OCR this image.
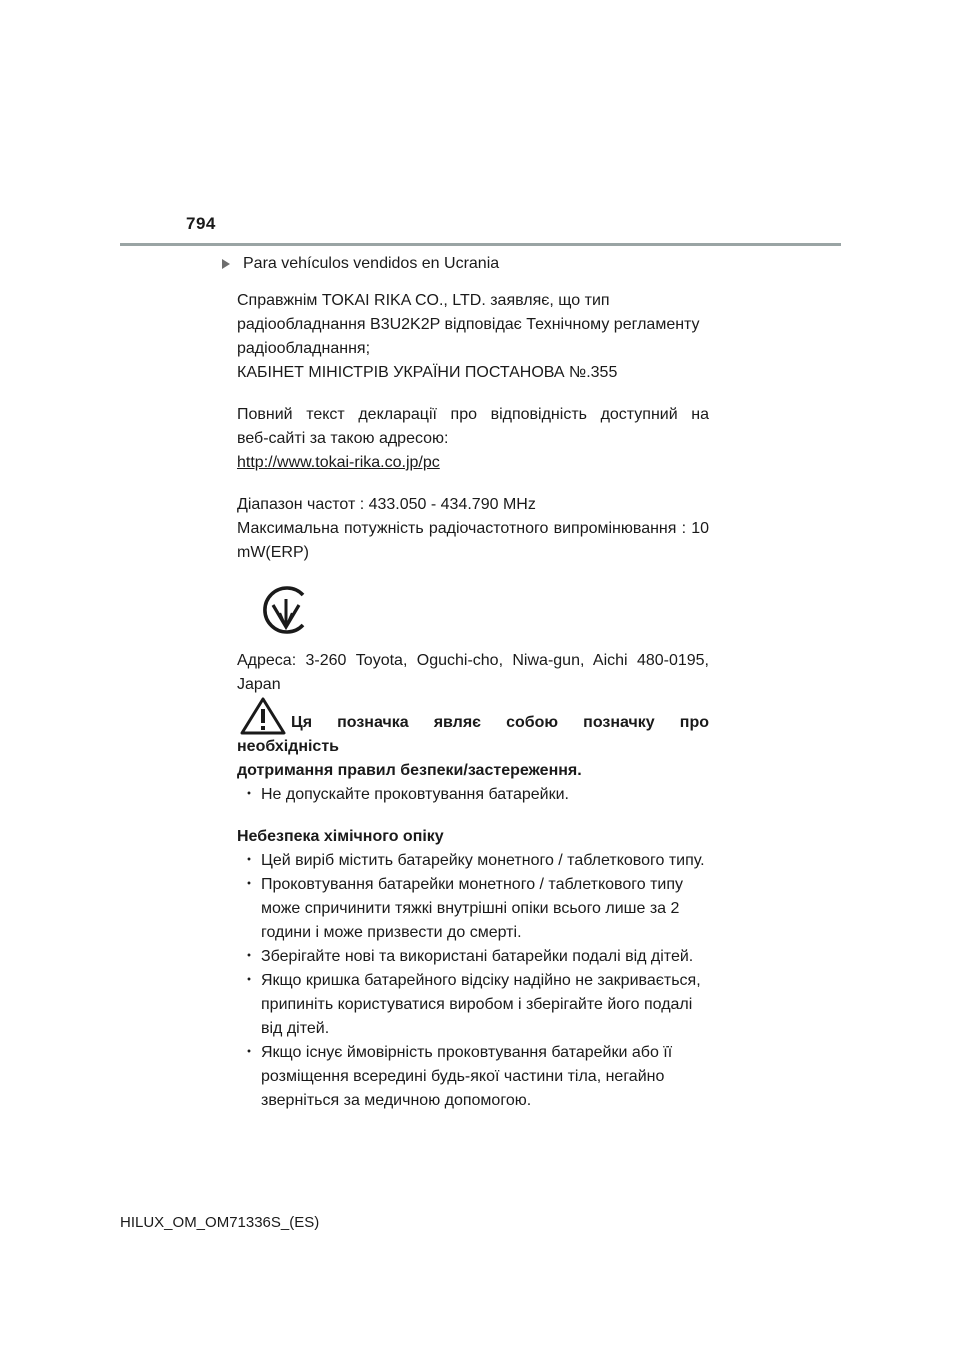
794
Para vehículos vendidos en Ucrania

Справжнім TOKAI RIKA CO., LTD. заявляє, що тип

радіообладнання B3U2K2P відповідає Технічному регламенту

радіообладнання;

КАБІНЕТ МІНІСТРІВ УКРАЇНИ ПОСТАНОВА №.355

Повний текст декларації про відповідність доступний на

веб-сайті за такою адресою:

http://www.tokai-rika.co.jp/pc

Діапазон частот : 433.050 - 434.790 MHz

Максимальна потужність радіочастотного випромінювання : 10

mW(ERP)

Адреса: 3-260 Toyota, Oguchi-cho, Niwa-gun, Aichi 480-0195,

Japan

Ця позначка являє собою позначку про необхідність

дотримання правил безпеки/застереження.

・ Не допускайте проковтування батарейки.

Небезпека хімічного опіку

・ Цей виріб містить батарейку монетного / таблеткового типу.

・ Проковтування батарейки монетного / таблеткового типу може спричинити тяжкі внутрішні опіки всього лише за 2 години і може призвести до смерті.

・ Зберігайте нові та використані батарейки подалі від дітей.

・ Якщо кришка батарейного відсіку надійно не закривається, припиніть користуватися виробом і зберігайте його подалі від дітей.

・ Якщо існує ймовірність проковтування батарейки або її розміщення всередині будь-якої частини тіла, негайно зверніться за медичною допомогою.

HILUX_OM_OM71336S_(ES)
